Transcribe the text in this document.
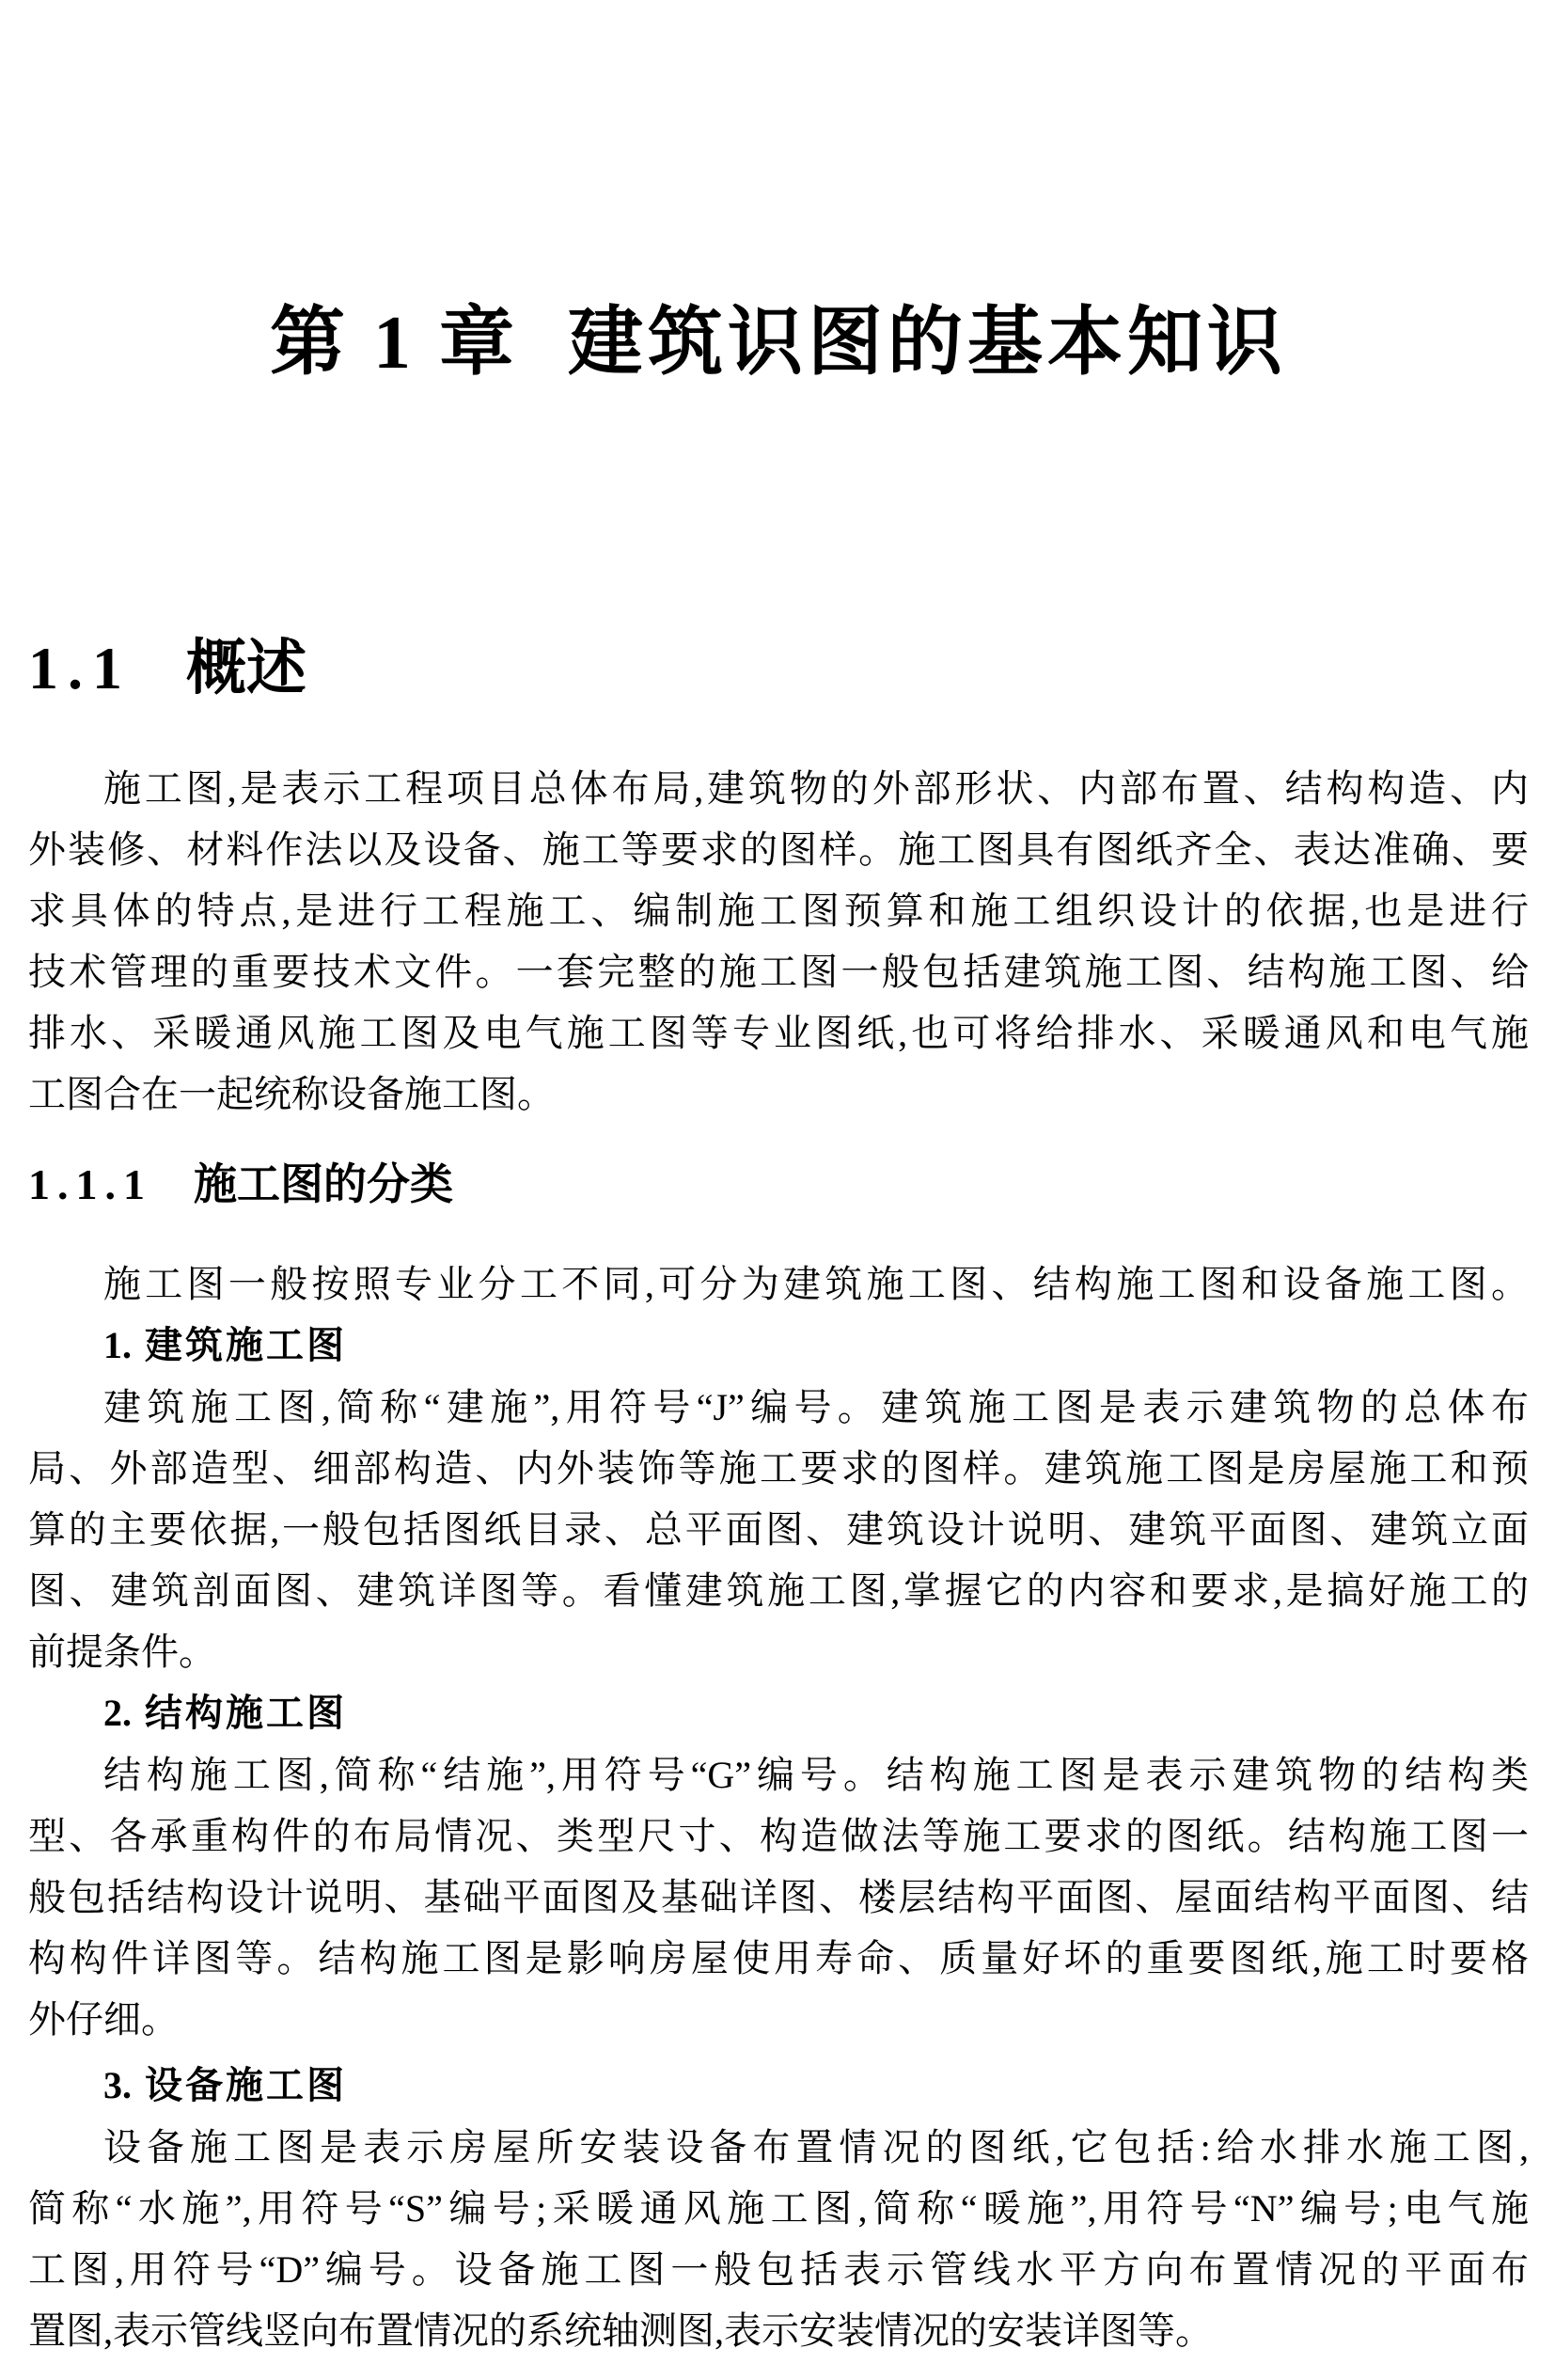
第 1 章 建筑识图的基本知识
1.1 概述
施工图,是表示工程项目总体布局,建筑物的外部形状、内部布置、结构构造、内
外装修、材料作法以及设备、施工等要求的图样。施工图具有图纸齐全、表达准确、要
求具体的特点,是进行工程施工、编制施工图预算和施工组织设计的依据,也是进行
技术管理的重要技术文件。一套完整的施工图一般包括建筑施工图、结构施工图、给
排水、采暖通风施工图及电气施工图等专业图纸,也可将给排水、采暖通风和电气施
工图合在一起统称设备施工图。
1.1.1 施工图的分类
施工图一般按照专业分工不同,可分为建筑施工图、结构施工图和设备施工图。
1. 建筑施工图
建筑施工图,简称“建施”,用符号“J”编号。建筑施工图是表示建筑物的总体布
局、外部造型、细部构造、内外装饰等施工要求的图样。建筑施工图是房屋施工和预
算的主要依据,一般包括图纸目录、总平面图、建筑设计说明、建筑平面图、建筑立面
图、建筑剖面图、建筑详图等。看懂建筑施工图,掌握它的内容和要求,是搞好施工的
前提条件。
2. 结构施工图
结构施工图,简称“结施”,用符号“G”编号。结构施工图是表示建筑物的结构类
型、各承重构件的布局情况、类型尺寸、构造做法等施工要求的图纸。结构施工图一
般包括结构设计说明、基础平面图及基础详图、楼层结构平面图、屋面结构平面图、结
构构件详图等。结构施工图是影响房屋使用寿命、质量好坏的重要图纸,施工时要格
外仔细。
3. 设备施工图
设备施工图是表示房屋所安装设备布置情况的图纸,它包括:给水排水施工图,
简称“水施”,用符号“S”编号;采暖通风施工图,简称“暖施”,用符号“N”编号;电气施
工图,用符号“D”编号。设备施工图一般包括表示管线水平方向布置情况的平面布
置图,表示管线竖向布置情况的系统轴测图,表示安装情况的安装详图等。
